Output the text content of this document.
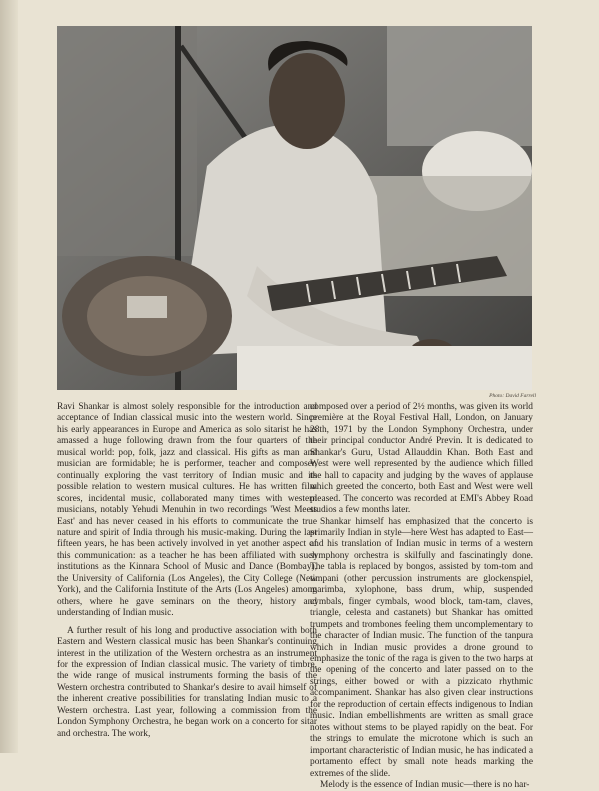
Photo: David Farrell

Ravi Shankar is almost solely responsible for the introduction and acceptance of Indian classical music into the western world. Since his early appearances in Europe and America as solo sitarist he has amassed a huge following drawn from the four quarters of the musical world: pop, folk, jazz and classical. His gifts as man and musician are formidable; he is performer, teacher and composer, continually exploring the vast territory of Indian music and its possible relation to western musical cultures. He has written film scores, incidental music, collaborated many times with western musicians, notably Yehudi Menuhin in two recordings 'West Meets East' and has never ceased in his efforts to communicate the true nature and spirit of India through his music-making. During the last fifteen years, he has been actively involved in yet another aspect of this communication: as a teacher he has been affiliated with such institutions as the Kinnara School of Music and Dance (Bombay), the University of California (Los Angeles), the City College (New York), and the California Institute of the Arts (Los Angeles) among others, where he gave seminars on the theory, history and understanding of Indian music.

A further result of his long and productive association with both Eastern and Western classical music has been Shankar's continuing interest in the utilization of the Western orchestra as an instrument for the expression of Indian classical music. The variety of timbre, the wide range of musical instruments forming the basis of the Western orchestra contributed to Shankar's desire to avail himself of the inherent creative possibilities for translating Indian music to a Western orchestra. Last year, following a commission from the London Symphony Orchestra, he began work on a concerto for sitar and orchestra. The work,

composed over a period of 2½ months, was given its world première at the Royal Festival Hall, London, on January 28th, 1971 by the London Symphony Orchestra, under their principal conductor André Previn. It is dedicated to Shankar's Guru, Ustad Allauddin Khan. Both East and West were well represented by the audience which filled the hall to capacity and judging by the waves of applause which greeted the concerto, both East and West were well pleased. The concerto was recorded at EMI's Abbey Road studios a few months later.

Shankar himself has emphasized that the concerto is primarily Indian in style—here West has adapted to East—and his translation of Indian music in terms of a western symphony orchestra is skilfully and fascinatingly done. The tabla is replaced by bongos, assisted by tom-tom and timpani (other percussion instruments are glockenspiel, marimba, xylophone, bass drum, whip, suspended cymbals, finger cymbals, wood block, tam-tam, claves, triangle, celesta and castanets) but Shankar has omitted trumpets and trombones feeling them uncomplementary to the character of Indian music. The function of the tanpura which in Indian music provides a drone ground to emphasize the tonic of the raga is given to the two harps at the opening of the concerto and later passed on to the strings, either bowed or with a pizzicato rhythmic accompaniment. Shankar has also given clear instructions for the reproduction of certain effects indigenous to Indian music. Indian embellishments are written as small grace notes without stems to be played rapidly on the beat. For the strings to emulate the microtone which is such an important characteristic of Indian music, he has indicated a portamento effect by small note heads marking the extremes of the slide.

Melody is the essence of Indian music—there is no har-
